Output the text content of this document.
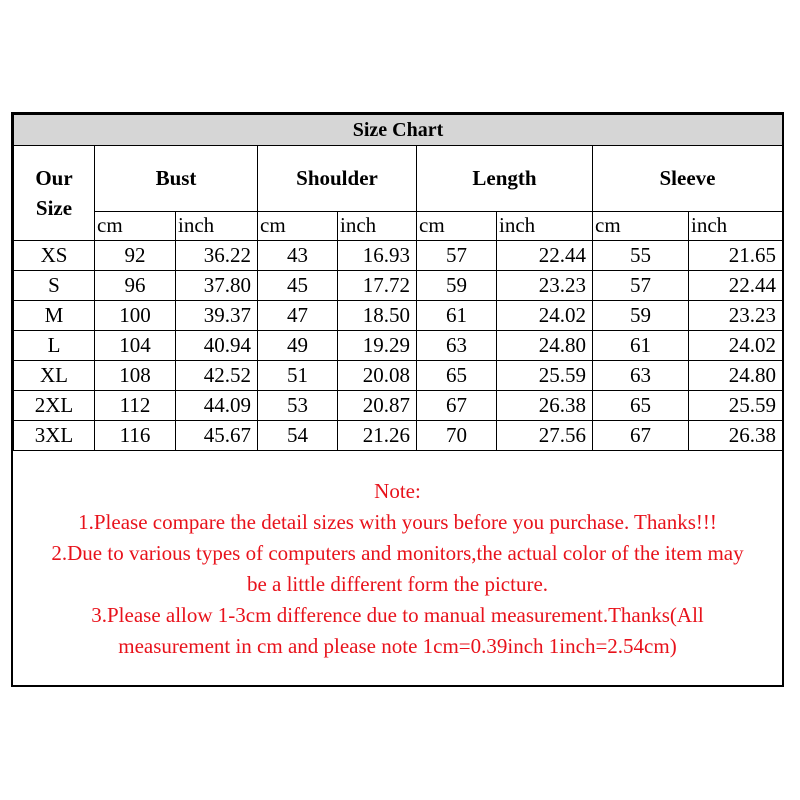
Size Chart								

Our Size	Bust		Shoulder		Length		Sleeve	
	cm	inch	cm	inch	cm	inch	cm	inch
XS	92	36.22	43	16.93	57	22.44	55	21.65
S	96	37.80	45	17.72	59	23.23	57	22.44
M	100	39.37	47	18.50	61	24.02	59	23.23
L	104	40.94	49	19.29	63	24.80	61	24.02
XL	108	42.52	51	20.08	65	25.59	63	24.80
2XL	112	44.09	53	20.87	67	26.38	65	25.59
3XL	116	45.67	54	21.26	70	27.56	67	26.38
Note:
1.Please compare the detail sizes with yours before you purchase. Thanks!!!
2.Due to various types of computers and monitors,the actual color of the item may
be a little different form the picture.
3.Please allow 1-3cm difference due to manual measurement.Thanks(All
measurement in cm and please note 1cm=0.39inch 1inch=2.54cm)
